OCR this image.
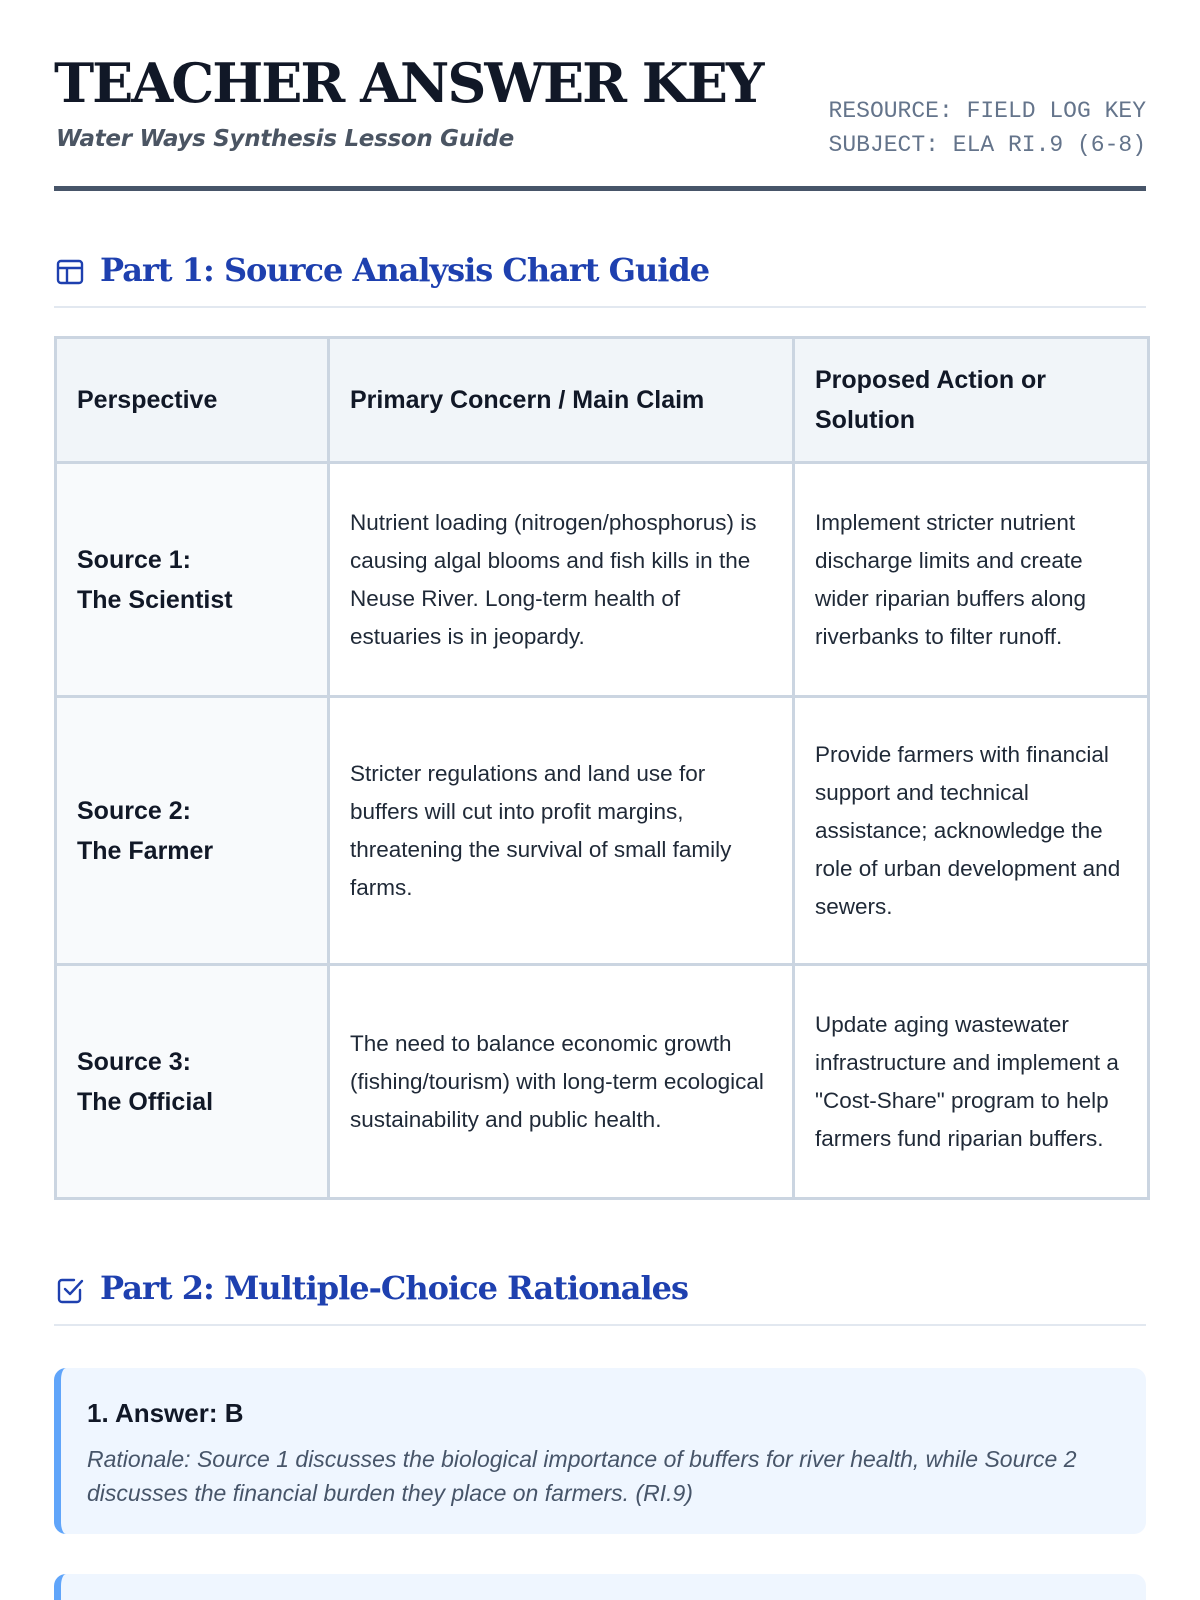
TEACHER ANSWER KEY
Water Ways Synthesis Lesson Guide
RESOURCE: FIELD LOG KEY
SUBJECT: ELA RI.9 (6-8)
Part 1: Source Analysis Chart Guide
Perspective	Primary Concern / Main Claim	Proposed Action or Solution

Source 1:
The Scientist	Nutrient loading (nitrogen/phosphorus) is causing algal blooms and fish kills in the Neuse River. Long-term health of estuaries is in jeopardy.	Implement stricter nutrient discharge limits and create wider riparian buffers along riverbanks to filter runoff.

Source 2:
The Farmer	Stricter regulations and land use for buffers will cut into profit margins, threatening the survival of small family farms.	Provide farmers with financial support and technical assistance; acknowledge the role of urban development and sewers.

Source 3:
The Official	The need to balance economic growth (fishing/tourism) with long-term ecological sustainability and public health.	Update aging wastewater infrastructure and implement a "Cost-Share" program to help farmers fund riparian buffers.
Part 2: Multiple-Choice Rationales
1. Answer: B
Rationale: Source 1 discusses the biological importance of buffers for river health, while Source 2 discusses the financial burden they place on farmers. (RI.9)
